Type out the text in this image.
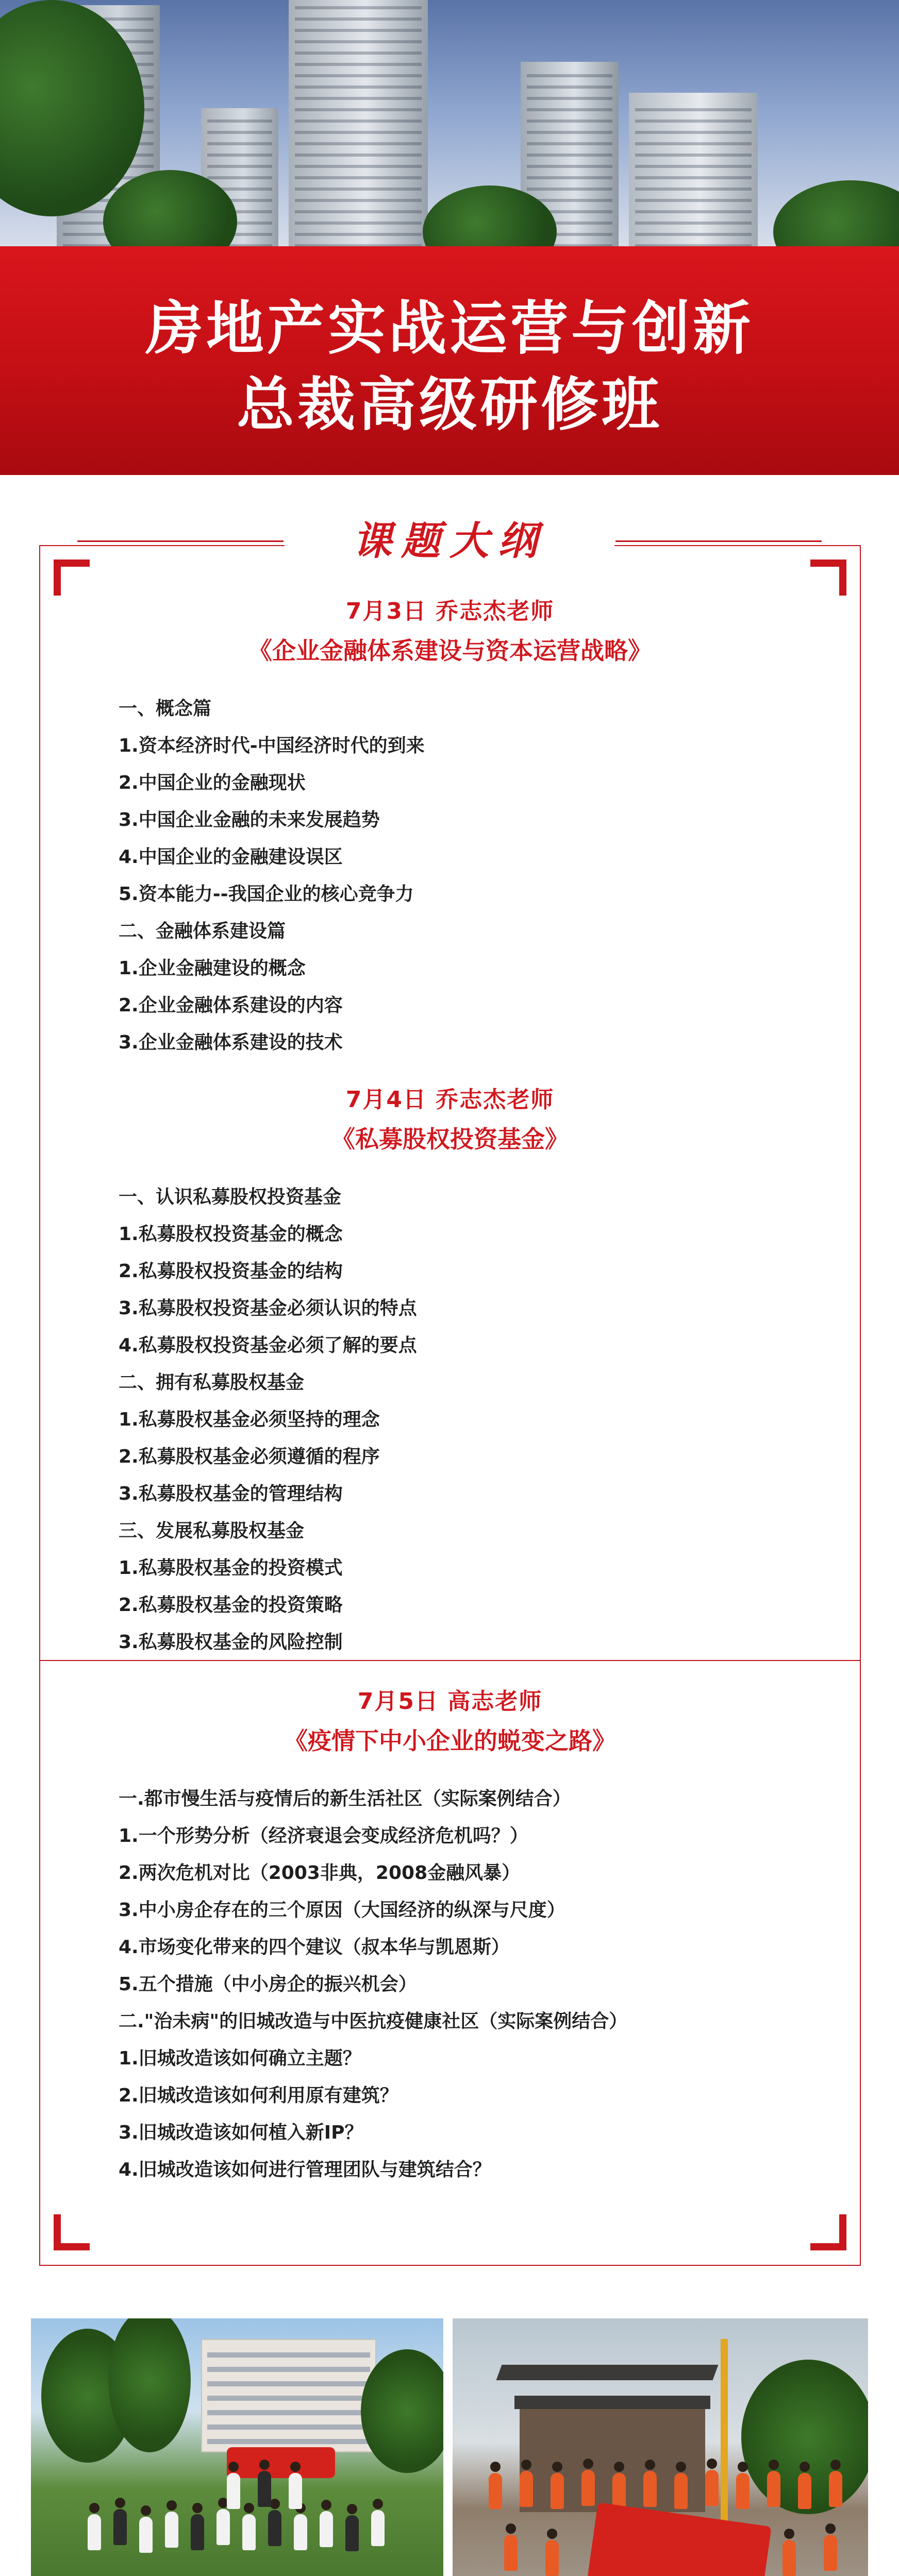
房地产实战运营与创新
总裁高级研修班
课题大纲
7月3日 乔志杰老师
《企业金融体系建设与资本运营战略》
一、概念篇
1.资本经济时代-中国经济时代的到来
2.中国企业的金融现状
3.中国企业金融的未来发展趋势
4.中国企业的金融建设误区
5.资本能力--我国企业的核心竞争力
二、金融体系建设篇
1.企业金融建设的概念
2.企业金融体系建设的内容
3.企业金融体系建设的技术
7月4日 乔志杰老师
《私募股权投资基金》
一、认识私募股权投资基金
1.私募股权投资基金的概念
2.私募股权投资基金的结构
3.私募股权投资基金必须认识的特点
4.私募股权投资基金必须了解的要点
二、拥有私募股权基金
1.私募股权基金必须坚持的理念
2.私募股权基金必须遵循的程序
3.私募股权基金的管理结构
三、发展私募股权基金
1.私募股权基金的投资模式
2.私募股权基金的投资策略
3.私募股权基金的风险控制
7月5日 高志老师
《疫情下中小企业的蜕变之路》
一.都市慢生活与疫情后的新生活社区（实际案例结合）
1.一个形势分析（经济衰退会变成经济危机吗？）
2.两次危机对比（2003非典，2008金融风暴）
3.中小房企存在的三个原因（大国经济的纵深与尺度）
4.市场变化带来的四个建议（叔本华与凯恩斯）
5.五个措施（中小房企的振兴机会）
二."治未病"的旧城改造与中医抗疫健康社区（实际案例结合）
1.旧城改造该如何确立主题？
2.旧城改造该如何利用原有建筑？
3.旧城改造该如何植入新IP？
4.旧城改造该如何进行管理团队与建筑结合？
